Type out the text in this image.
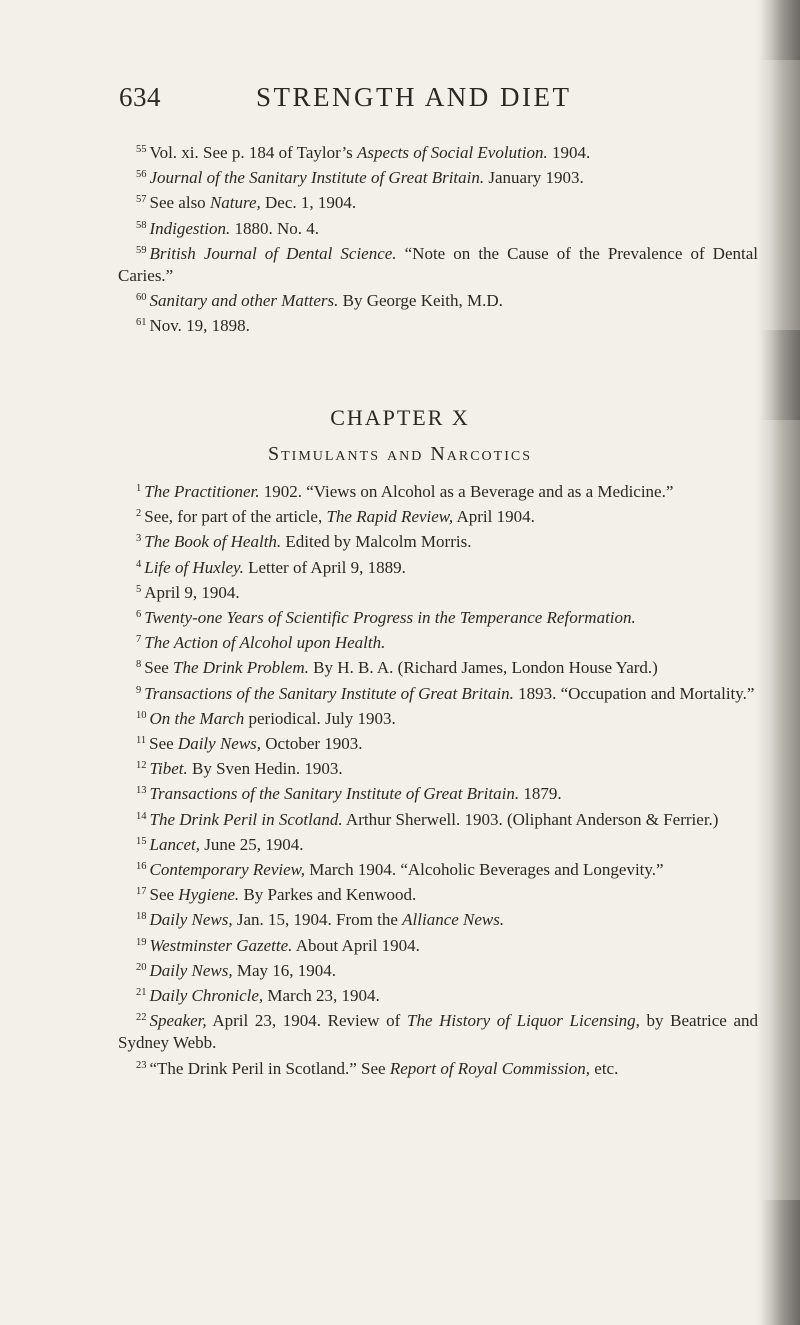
634	STRENGTH AND DIET

$^{55}$ Vol. xi. See p. 184 of Taylor’s Aspects of Social Evolution. 1904.

$^{56}$ Journal of the Sanitary Institute of Great Britain. January 1903.

$^{57}$ See also Nature, Dec. 1, 1904.

$^{58}$ Indigestion. 1880. No. 4.

$^{59}$ British Journal of Dental Science. “Note on the Cause of the Prevalence of Dental Caries.”

$^{60}$ Sanitary and other Matters. By George Keith, M.D.

$^{61}$ Nov. 19, 1898.

CHAPTER X

Stimulants and Narcotics

$^1$ The Practitioner. 1902. “Views on Alcohol as a Beverage and as a Medicine.”

$^2$ See, for part of the article, The Rapid Review, April 1904.

$^3$ The Book of Health. Edited by Malcolm Morris.

$^4$ Life of Huxley. Letter of April 9, 1889.

$^5$ April 9, 1904.

$^6$ Twenty-one Years of Scientific Progress in the Temperance Reformation.

$^7$ The Action of Alcohol upon Health.

$^8$ See The Drink Problem. By H. B. A. (Richard James, London House Yard.)

$^9$ Transactions of the Sanitary Institute of Great Britain. 1893. “Occupation and Mortality.”

$^{10}$ On the March periodical. July 1903.

$^{11}$ See Daily News, October 1903.

$^{12}$ Tibet. By Sven Hedin. 1903.

$^{13}$ Transactions of the Sanitary Institute of Great Britain. 1879.

$^{14}$ The Drink Peril in Scotland. Arthur Sherwell. 1903. (Oliphant Anderson & Ferrier.)

$^{15}$ Lancet, June 25, 1904.

$^{16}$ Contemporary Review, March 1904. “Alcoholic Beverages and Longevity.”

$^{17}$ See Hygiene. By Parkes and Kenwood.

$^{18}$ Daily News, Jan. 15, 1904. From the Alliance News.

$^{19}$ Westminster Gazette. About April 1904.

$^{20}$ Daily News, May 16, 1904.

$^{21}$ Daily Chronicle, March 23, 1904.

$^{22}$ Speaker, April 23, 1904. Review of The History of Liquor Licensing, by Beatrice and Sydney Webb.

$^{23}$ “The Drink Peril in Scotland.” See Report of Royal Commission, etc.
